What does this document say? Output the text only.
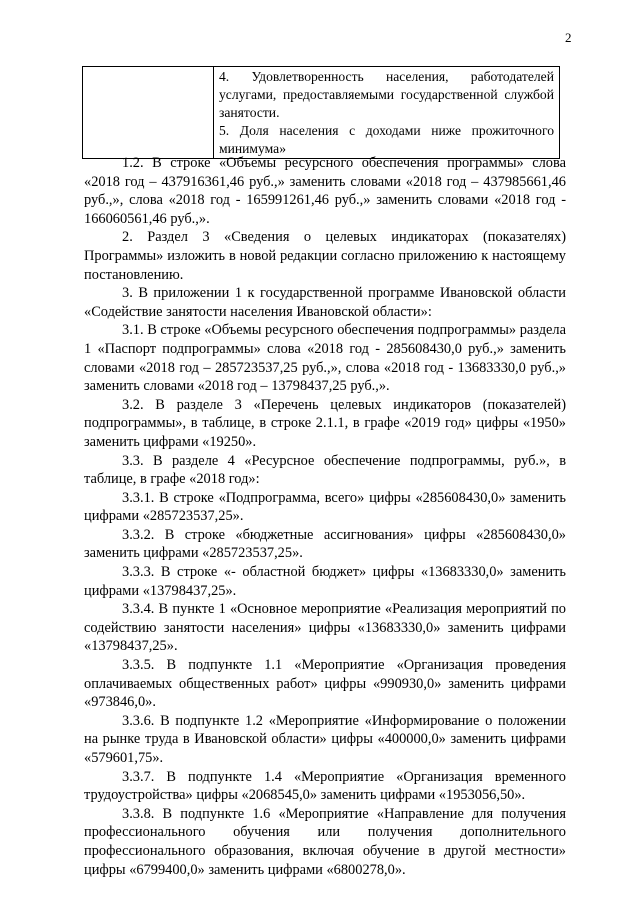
2

4. Удовлетворенность населения, работодателей услугами, предоставляемыми государственной службой занятости.

5. Доля населения с доходами ниже прожиточного минимума»

1.2. В строке «Объемы ресурсного обеспечения программы» слова «2018 год – 437916361,46 руб.,» заменить словами «2018 год – 437985661,46 руб.,», слова «2018 год - 165991261,46 руб.,» заменить словами «2018 год - 166060561,46 руб.,».

2. Раздел 3 «Сведения о целевых индикаторах (показателях) Программы» изложить в новой редакции согласно приложению к настоящему постановлению.

3. В приложении 1 к государственной программе Ивановской области «Содействие занятости населения Ивановской области»:

3.1. В строке «Объемы ресурсного обеспечения подпрограммы» раздела 1 «Паспорт подпрограммы» слова «2018 год - 285608430,0 руб.,» заменить словами «2018 год – 285723537,25 руб.,», слова «2018 год - 13683330,0 руб.,» заменить словами «2018 год – 13798437,25 руб.,».

3.2. В разделе 3 «Перечень целевых индикаторов (показателей) подпрограммы», в таблице, в строке 2.1.1, в графе «2019 год» цифры «1950» заменить цифрами «19250».

3.3. В разделе 4 «Ресурсное обеспечение подпрограммы, руб.», в таблице, в графе «2018 год»:

3.3.1. В строке «Подпрограмма, всего» цифры «285608430,0» заменить цифрами «285723537,25».

3.3.2. В строке «бюджетные ассигнования» цифры «285608430,0» заменить цифрами «285723537,25».

3.3.3. В строке «- областной бюджет» цифры «13683330,0» заменить цифрами «13798437,25».

3.3.4. В пункте 1 «Основное мероприятие «Реализация мероприятий по содействию занятости населения» цифры «13683330,0» заменить цифрами «13798437,25».

3.3.5. В подпункте 1.1 «Мероприятие «Организация проведения оплачиваемых общественных работ» цифры «990930,0» заменить цифрами «973846,0».

3.3.6. В подпункте 1.2 «Мероприятие «Информирование о положении на рынке труда в Ивановской области» цифры «400000,0» заменить цифрами «579601,75».

3.3.7. В подпункте 1.4 «Мероприятие «Организация временного трудоустройства» цифры «2068545,0» заменить цифрами «1953056,50».

3.3.8. В подпункте 1.6 «Мероприятие «Направление для получения профессионального обучения или получения дополнительного профессионального образования, включая обучение в другой местности» цифры «6799400,0» заменить цифрами «6800278,0».
